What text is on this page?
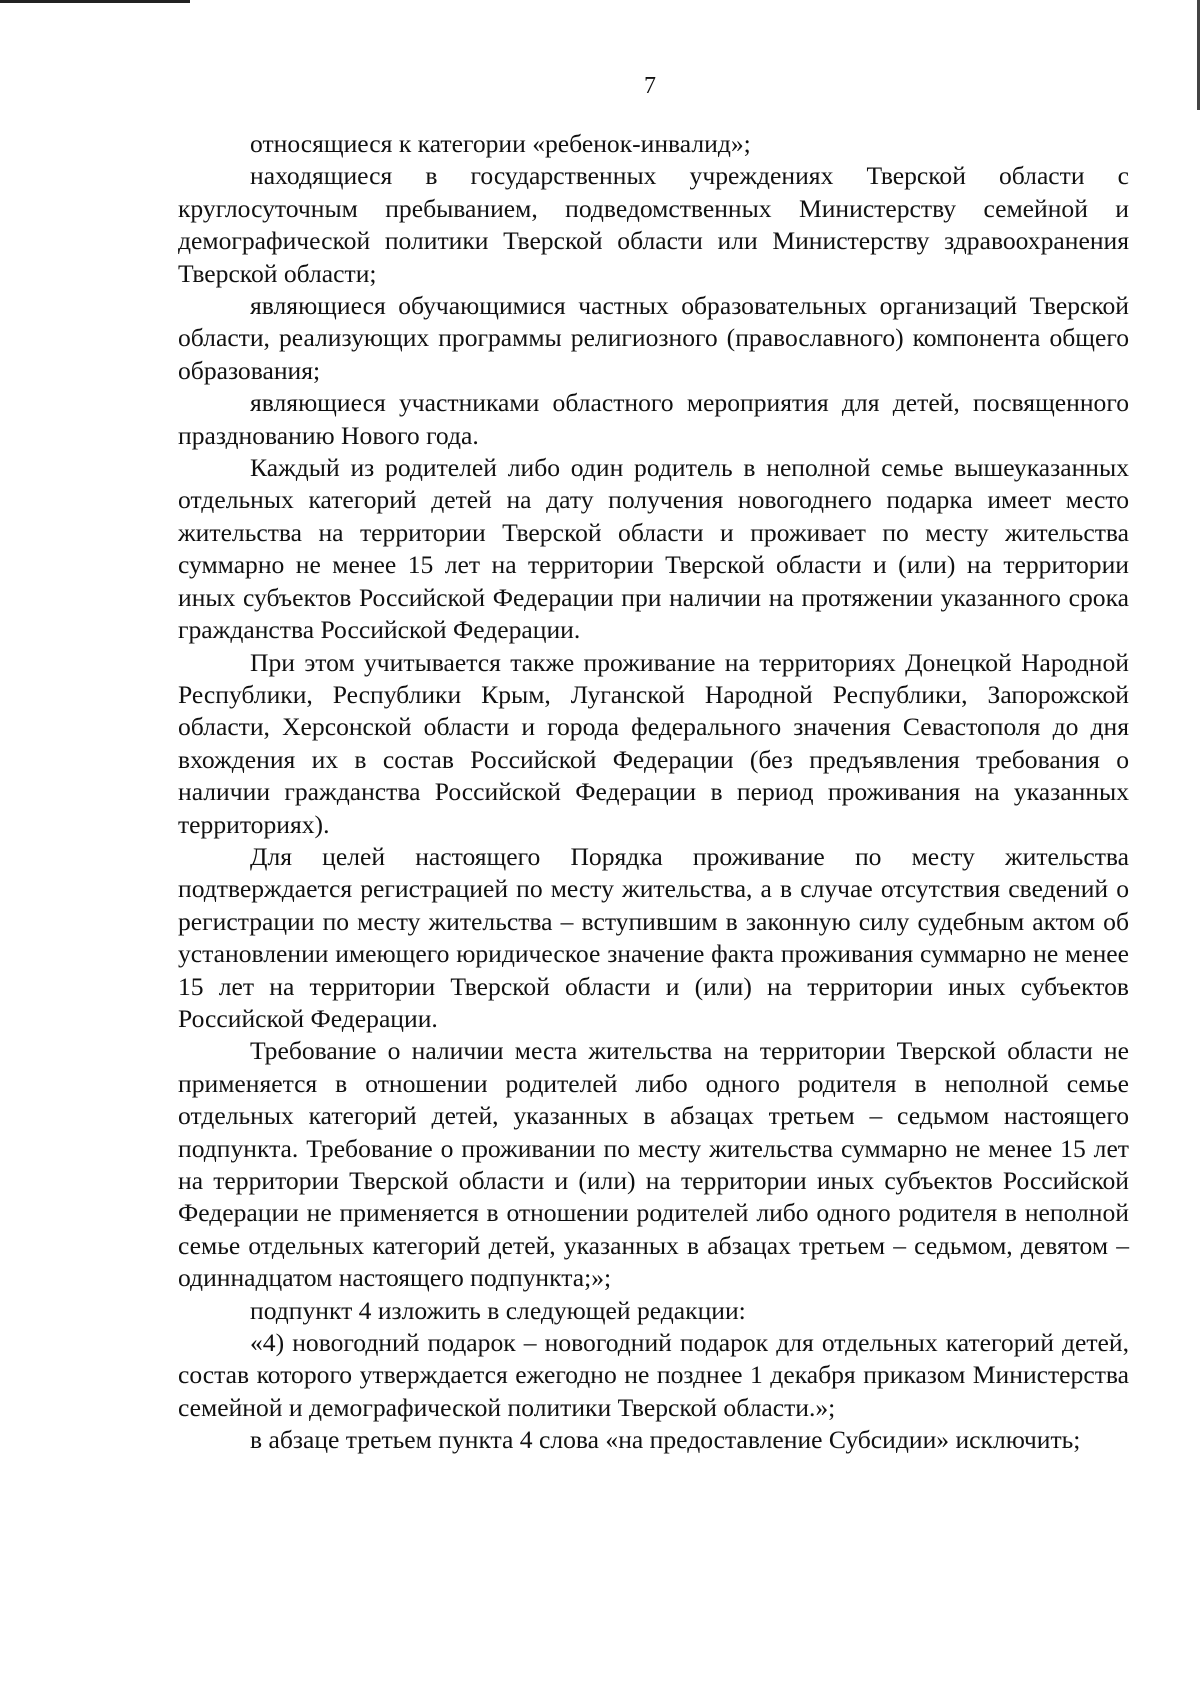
7

относящиеся к категории «ребенок-инвалид»;

находящиеся в государственных учреждениях Тверской области с круглосуточным пребыванием, подведомственных Министерству семейной и демографической политики Тверской области или Министерству здравоохранения Тверской области;

являющиеся обучающимися частных образовательных организаций Тверской области, реализующих программы религиозного (православного) компонента общего образования;

являющиеся участниками областного мероприятия для детей, посвященного празднованию Нового года.

Каждый из родителей либо один родитель в неполной семье вышеуказанных отдельных категорий детей на дату получения новогоднего подарка имеет место жительства на территории Тверской области и проживает по месту жительства суммарно не менее 15 лет на территории Тверской области и (или) на территории иных субъектов Российской Федерации при наличии на протяжении указанного срока гражданства Российской Федерации.

При этом учитывается также проживание на территориях Донецкой Народной Республики, Республики Крым, Луганской Народной Республики, Запорожской области, Херсонской области и города федерального значения Севастополя до дня вхождения их в состав Российской Федерации (без предъявления требования о наличии гражданства Российской Федерации в период проживания на указанных территориях).

Для целей настоящего Порядка проживание по месту жительства подтверждается регистрацией по месту жительства, а в случае отсутствия сведений о регистрации по месту жительства – вступившим в законную силу судебным актом об установлении имеющего юридическое значение факта проживания суммарно не менее 15 лет на территории Тверской области и (или) на территории иных субъектов Российской Федерации.

Требование о наличии места жительства на территории Тверской области не применяется в отношении родителей либо одного родителя в неполной семье отдельных категорий детей, указанных в абзацах третьем – седьмом настоящего подпункта. Требование о проживании по месту жительства суммарно не менее 15 лет на территории Тверской области и (или) на территории иных субъектов Российской Федерации не применяется в отношении родителей либо одного родителя в неполной семье отдельных категорий детей, указанных в абзацах третьем – седьмом, девятом – одиннадцатом настоящего подпункта;»;

подпункт 4 изложить в следующей редакции:

«4) новогодний подарок – новогодний подарок для отдельных категорий детей, состав которого утверждается ежегодно не позднее 1 декабря приказом Министерства семейной и демографической политики Тверской области.»;

в абзаце третьем пункта 4 слова «на предоставление Субсидии» исключить;
